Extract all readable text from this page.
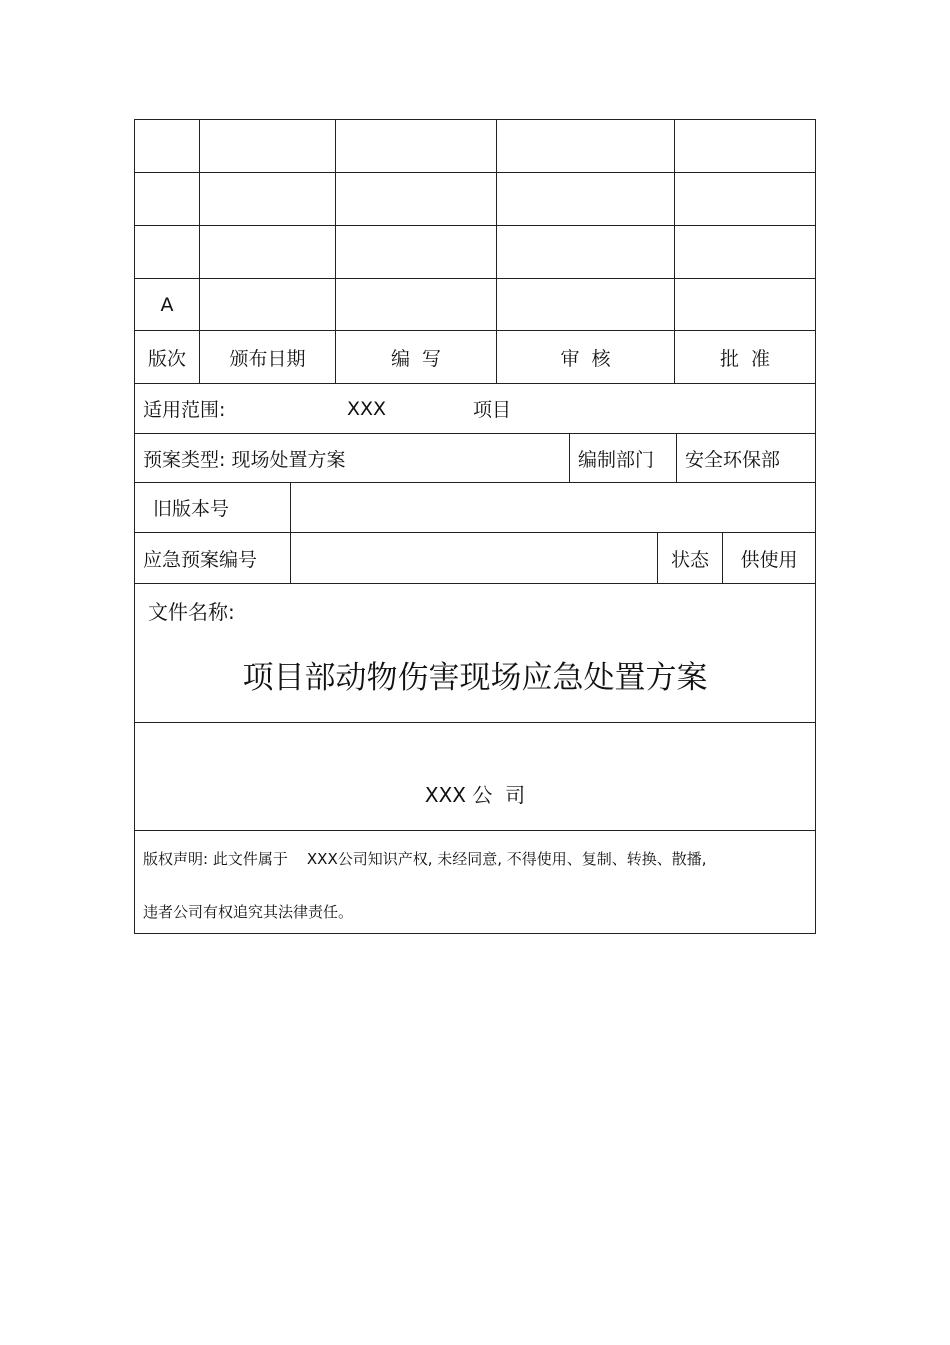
A
版次	颁布日期	编  写	审  核	批  准
适用范围:	XXX	项目
预案类型: 现场处置方案	编制部门	安全环保部
旧版本号
应急预案编号	状态	供使用
文件名称:
项目部动物伤害现场应急处置方案
XXX 公  司
版权声明: 此文件属于    XXX公司知识产权, 未经同意, 不得使用、复制、转换、散播,
违者公司有权追究其法律责任。
